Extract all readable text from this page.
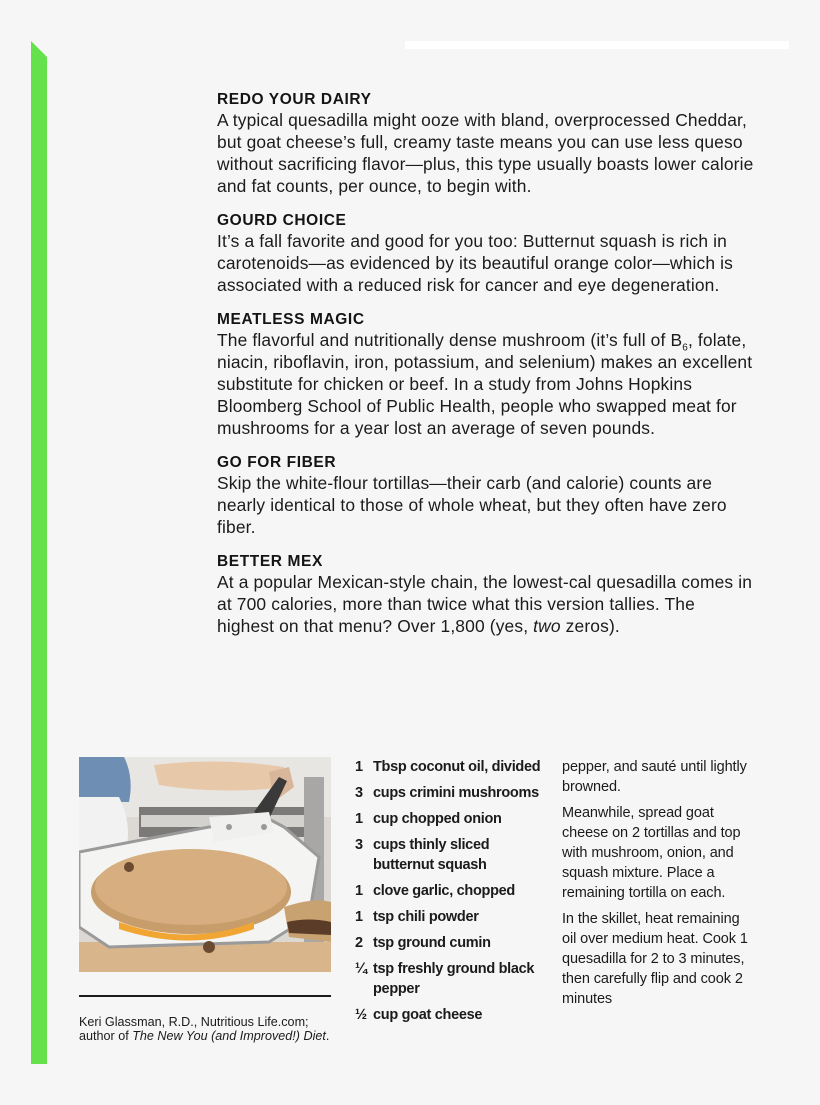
REDO YOUR DAIRY

A typical quesadilla might ooze with bland, overprocessed Cheddar, but goat cheese’s full, creamy taste means you can use less queso without sacrificing flavor—plus, this type usually boasts lower calorie and fat counts, per ounce, to begin with.

GOURD CHOICE

It’s a fall favorite and good for you too: Butternut squash is rich in carotenoids—as evidenced by its beautiful orange color—which is associated with a reduced risk for cancer and eye degeneration.

MEATLESS MAGIC

The flavorful and nutritionally dense mushroom (it’s full of $B_6$, folate, niacin, riboflavin, iron, potassium, and selenium) makes an excellent substitute for chicken or beef. In a study from Johns Hopkins Bloomberg School of Public Health, people who swapped meat for mushrooms for a year lost an average of seven pounds.

GO FOR FIBER

Skip the white-flour tortillas—their carb (and calorie) counts are nearly identical to those of whole wheat, but they often have zero fiber.

BETTER MEX

At a popular Mexican-style chain, the lowest-cal quesadilla comes in at 700 calories, more than twice what this version tallies. The highest on that menu? Over 1,800 (yes, two zeros).

Keri Glassman, R.D., Nutritious Life.com; author of The New You (and Improved!) Diet.
1 Tbsp coconut oil, divided
3 cups crimini mushrooms
1 cup chopped onion
3 cups thinly sliced butternut squash
1 clove garlic, chopped
1 tsp chili powder
2 tsp ground cumin
¼ tsp freshly ground black pepper
½ cup goat cheese

pepper, and sauté until lightly browned.

Meanwhile, spread goat cheese on 2 tortillas and top with mushroom, onion, and squash mixture. Place a remaining tortilla on each.

In the skillet, heat remaining oil over medium heat. Cook 1 quesadilla for 2 to 3 minutes, then carefully flip and cook 2 minutes
